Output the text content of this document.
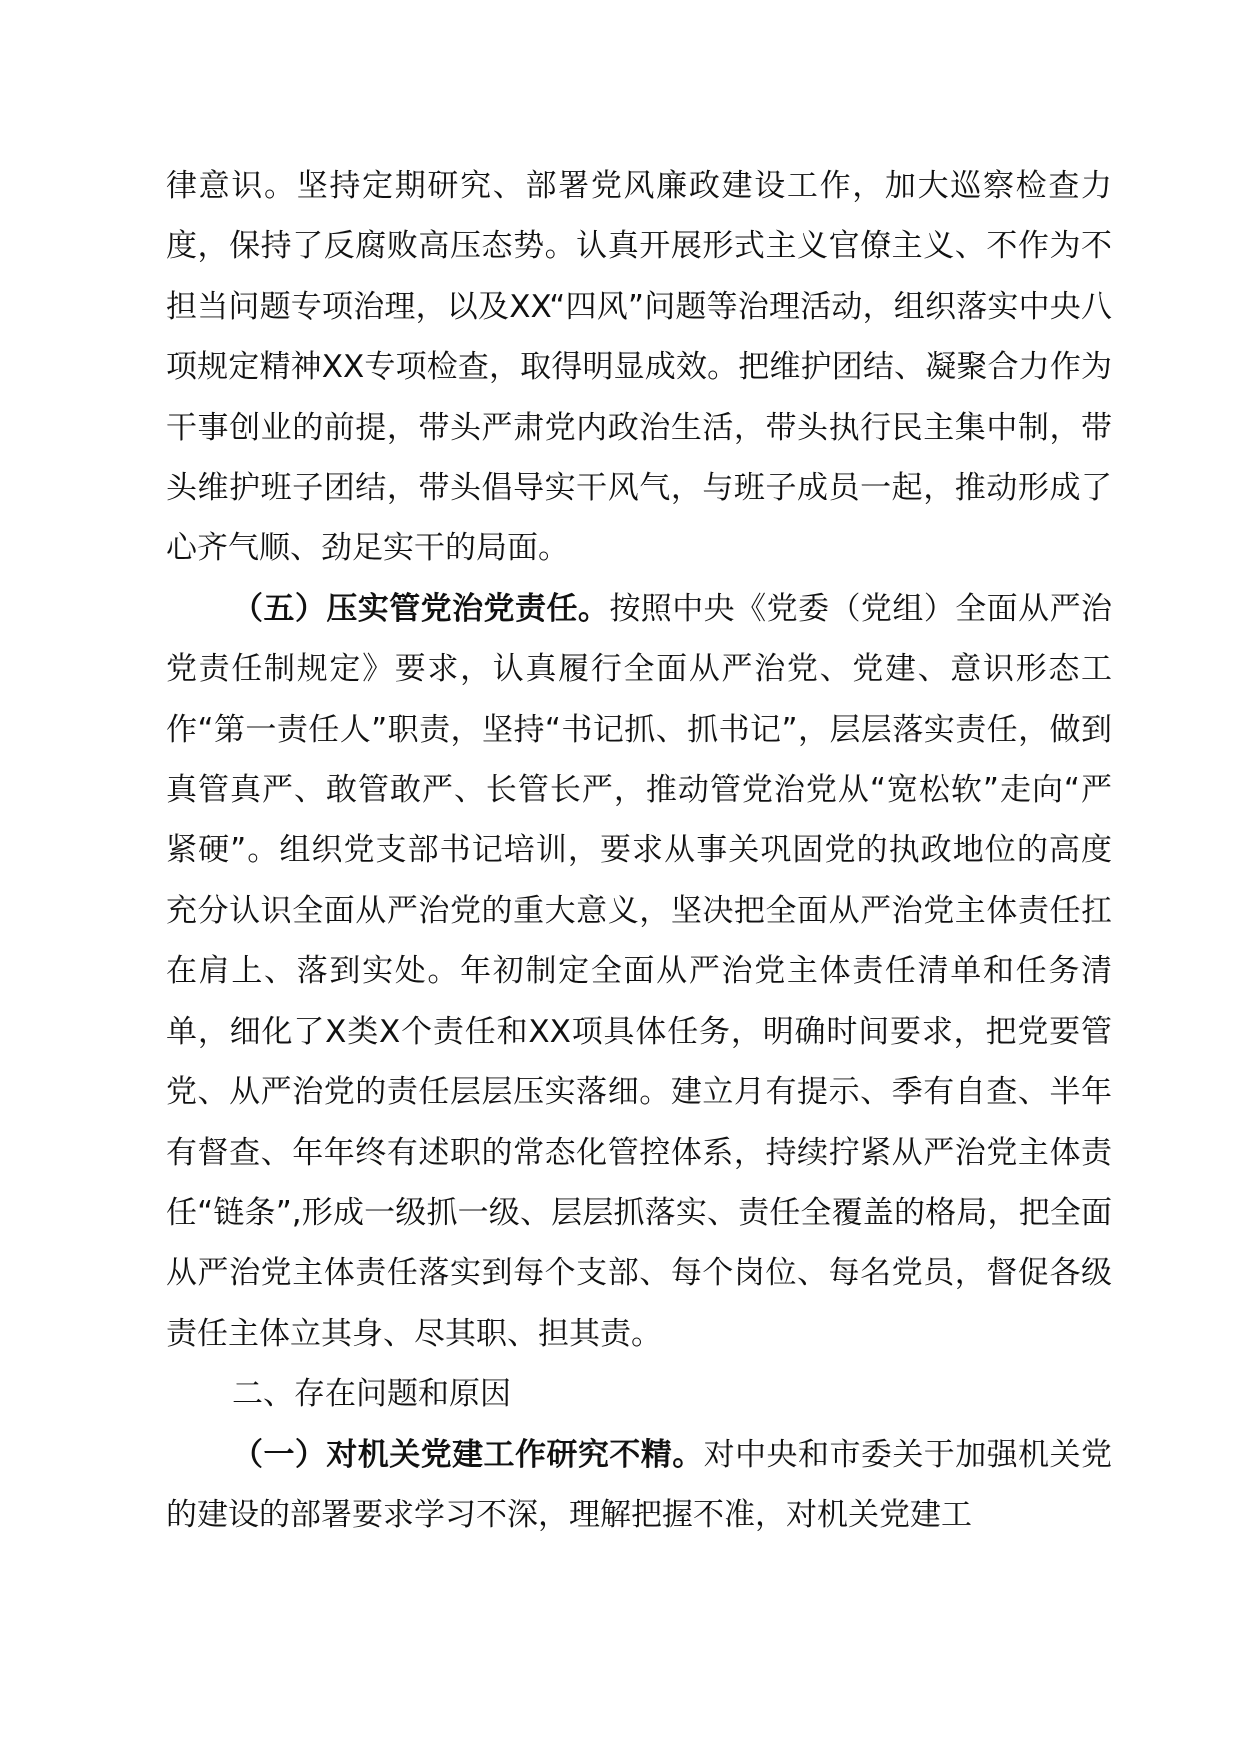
律意识。坚持定期研究、部署党风廉政建设工作，加大巡察检查力度，保持了反腐败高压态势。认真开展形式主义官僚主义、不作为不担当问题专项治理，以及XX“四风”问题等治理活动，组织落实中央八项规定精神XX专项检查，取得明显成效。把维护团结、凝聚合力作为干事创业的前提，带头严肃党内政治生活，带头执行民主集中制，带头维护班子团结，带头倡导实干风气，与班子成员一起，推动形成了心齐气顺、劲足实干的局面。

（五）压实管党治党责任。按照中央《党委（党组）全面从严治党责任制规定》要求，认真履行全面从严治党、党建、意识形态工作“第一责任人”职责，坚持“书记抓、抓书记”，层层落实责任，做到真管真严、敢管敢严、长管长严，推动管党治党从“宽松软”走向“严紧硬”。组织党支部书记培训，要求从事关巩固党的执政地位的高度充分认识全面从严治党的重大意义，坚决把全面从严治党主体责任扛在肩上、落到实处。年初制定全面从严治党主体责任清单和任务清单，细化了X类X个责任和XX项具体任务，明确时间要求，把党要管党、从严治党的责任层层压实落细。建立月有提示、季有自查、半年有督查、年年终有述职的常态化管控体系，持续拧紧从严治党主体责任“链条”,形成一级抓一级、层层抓落实、责任全覆盖的格局，把全面从严治党主体责任落实到每个支部、每个岗位、每名党员，督促各级责任主体立其身、尽其职、担其责。

二、存在问题和原因

（一）对机关党建工作研究不精。对中央和市委关于加强机关党的建设的部署要求学习不深，理解把握不准，对机关党建工
